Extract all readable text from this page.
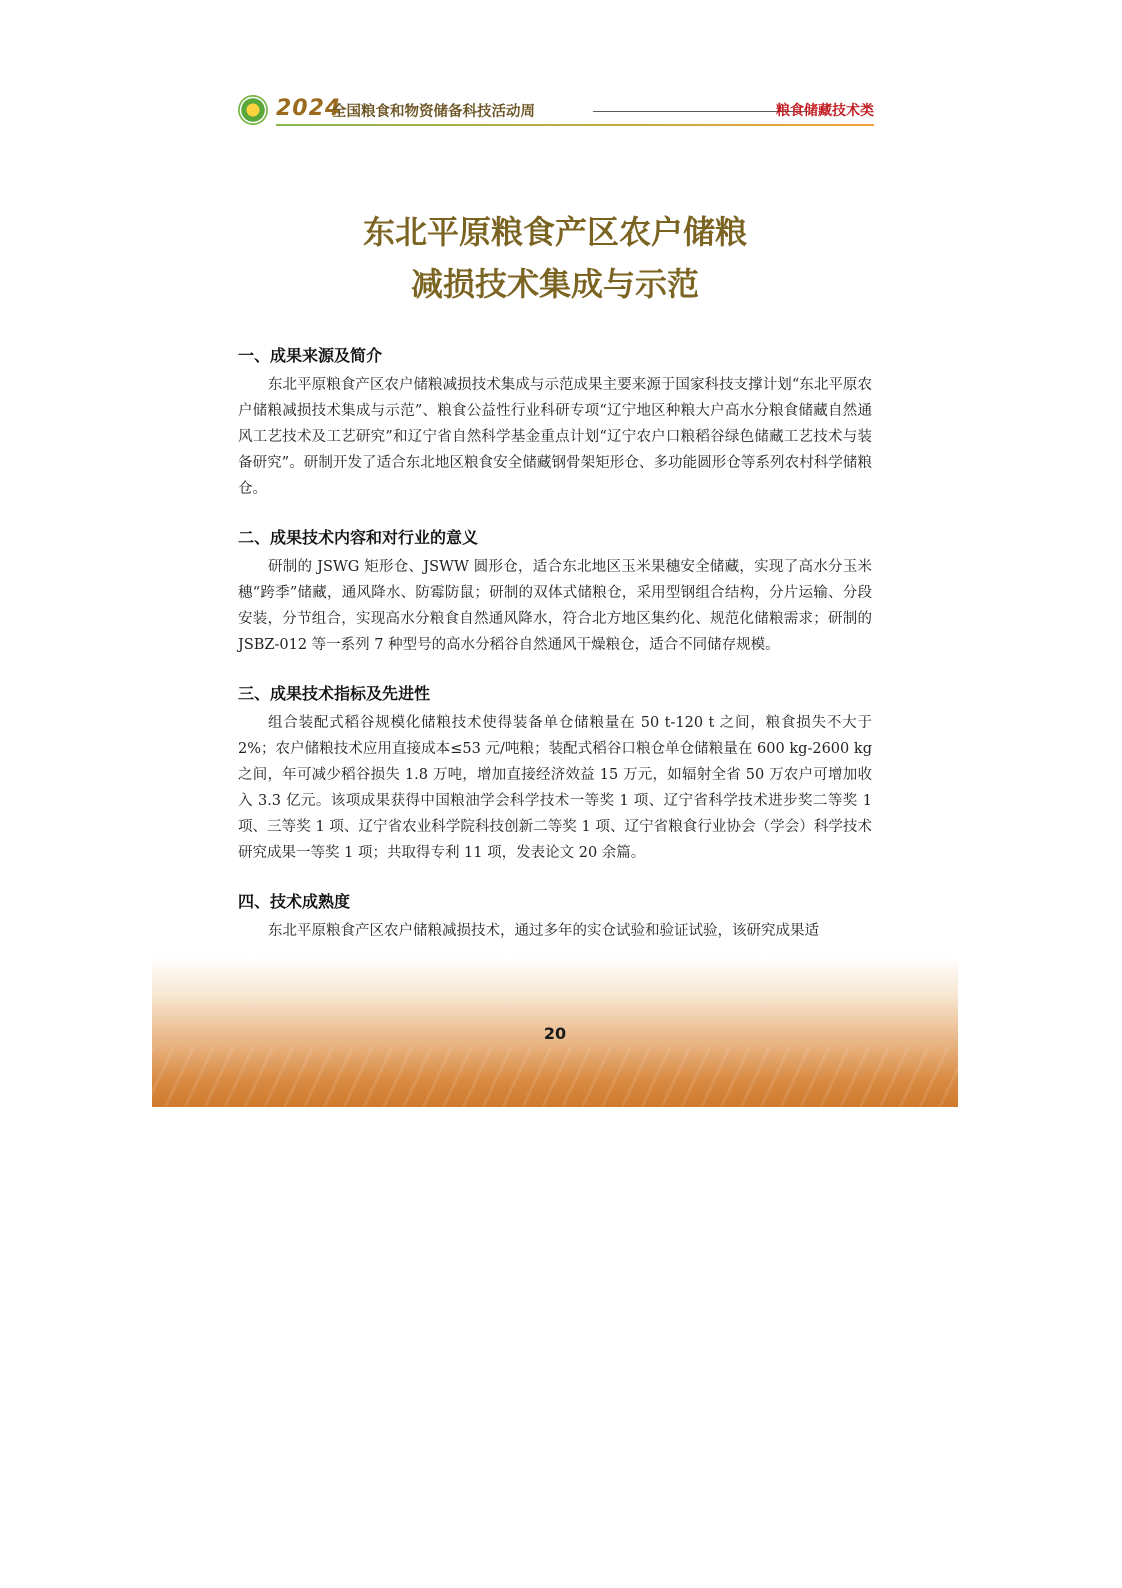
2024
全国粮食和物资储备科技活动周	粮食储藏技术类
东北平原粮食产区农户储粮
减损技术集成与示范
一、成果来源及简介

东北平原粮食产区农户储粮减损技术集成与示范成果主要来源于国家科技支撑计划“东北平原农户储粮减损技术集成与示范”、粮食公益性行业科研专项“辽宁地区种粮大户高水分粮食储藏自然通风工艺技术及工艺研究”和辽宁省自然科学基金重点计划“辽宁农户口粮稻谷绿色储藏工艺技术与装备研究”。研制开发了适合东北地区粮食安全储藏钢骨架矩形仓、多功能圆形仓等系列农村科学储粮仓。

二、成果技术内容和对行业的意义

研制的 JSWG 矩形仓、JSWW 圆形仓，适合东北地区玉米果穗安全储藏，实现了高水分玉米穗“跨季”储藏，通风降水、防霉防鼠；研制的双体式储粮仓，采用型钢组合结构，分片运输、分段安装，分节组合，实现高水分粮食自然通风降水，符合北方地区集约化、规范化储粮需求；研制的 JSBZ-012 等一系列 7 种型号的高水分稻谷自然通风干燥粮仓，适合不同储存规模。

三、成果技术指标及先进性

组合装配式稻谷规模化储粮技术使得装备单仓储粮量在 50 t-120 t 之间，粮食损失不大于 2%；农户储粮技术应用直接成本≤53 元/吨粮；装配式稻谷口粮仓单仓储粮量在 600 kg-2600 kg 之间，年可减少稻谷损失 1.8 万吨，增加直接经济效益 15 万元，如辐射全省 50 万农户可增加收入 3.3 亿元。该项成果获得中国粮油学会科学技术一等奖 1 项、辽宁省科学技术进步奖二等奖 1 项、三等奖 1 项、辽宁省农业科学院科技创新二等奖 1 项、辽宁省粮食行业协会（学会）科学技术研究成果一等奖 1 项；共取得专利 11 项，发表论文 20 余篇。

四、技术成熟度

东北平原粮食产区农户储粮减损技术，通过多年的实仓试验和验证试验，该研究成果适

20
